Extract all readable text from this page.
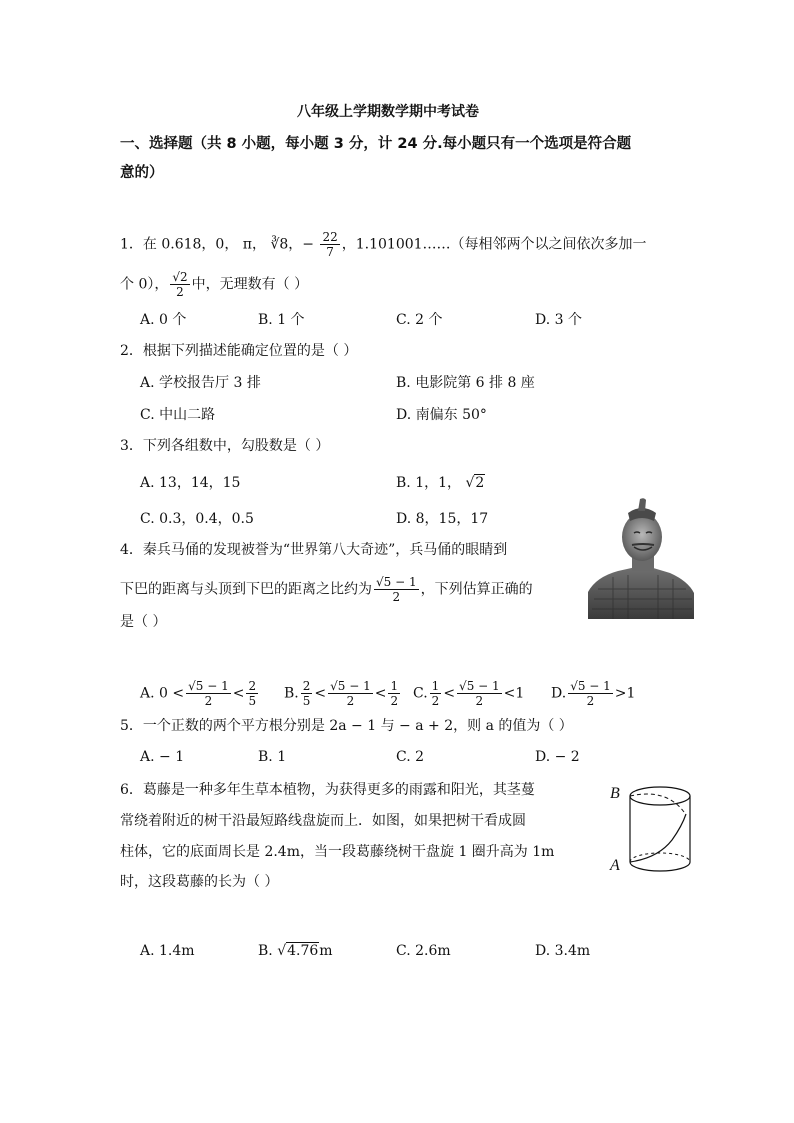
八年级上学期数学期中考试卷
一、选择题（共 8 小题，每小题 3 分，计 24 分.每小题只有一个选项是符合题
意的）
1．在 0.618，0， π， ∛8，− $\frac{22}{7}$ ，1.101001……（每相邻两个以之间依次多加一
个 0）， $\frac{√2}{2}$ 中，无理数有（ ）
A. 0 个	B. 1 个	C. 2 个	D. 3 个
2．根据下列描述能确定位置的是（ ）
A. 学校报告厅 3 排	B. 电影院第 6 排 8 座
C. 中山二路	D. 南偏东 50°
3．下列各组数中，勾股数是（ ）
A. 13，14，15	B. 1，1， √2
C. 0.3，0.4，0.5	D. 8，15，17
4．秦兵马俑的发现被誉为“世界第八大奇迹”，兵马俑的眼睛到
下巴的距离与头顶到下巴的距离之比约为 $\frac{√5 - 1}{2}$ ，下列估算正确的
是（ ）
A. $0 < \frac{√5 - 1}{2} < \frac{2}{5} B$. $\frac{2}{5} < \frac{√5 - 1}{2} < \frac{1}{2} C$. $\frac{1}{2} < \frac{√5 - 1}{2} <1$ D. $\frac{√5 - 1}{2} >1$
5．一个正数的两个平方根分别是 2a − 1 与 − a + 2，则 a 的值为（ ）
A. − 1	B. 1	C. 2	D. − 2
6．葛藤是一种多年生草本植物，为获得更多的雨露和阳光，其茎蔓
常绕着附近的树干沿最短路线盘旋而上．如图，如果把树干看成圆
柱体，它的底面周长是 2.4m，当一段葛藤绕树干盘旋 1 圈升高为 1m
时，这段葛藤的长为（ ）
B
A
A. 1.4m	B. √4.76m	C. 2.6m	D. 3.4m
